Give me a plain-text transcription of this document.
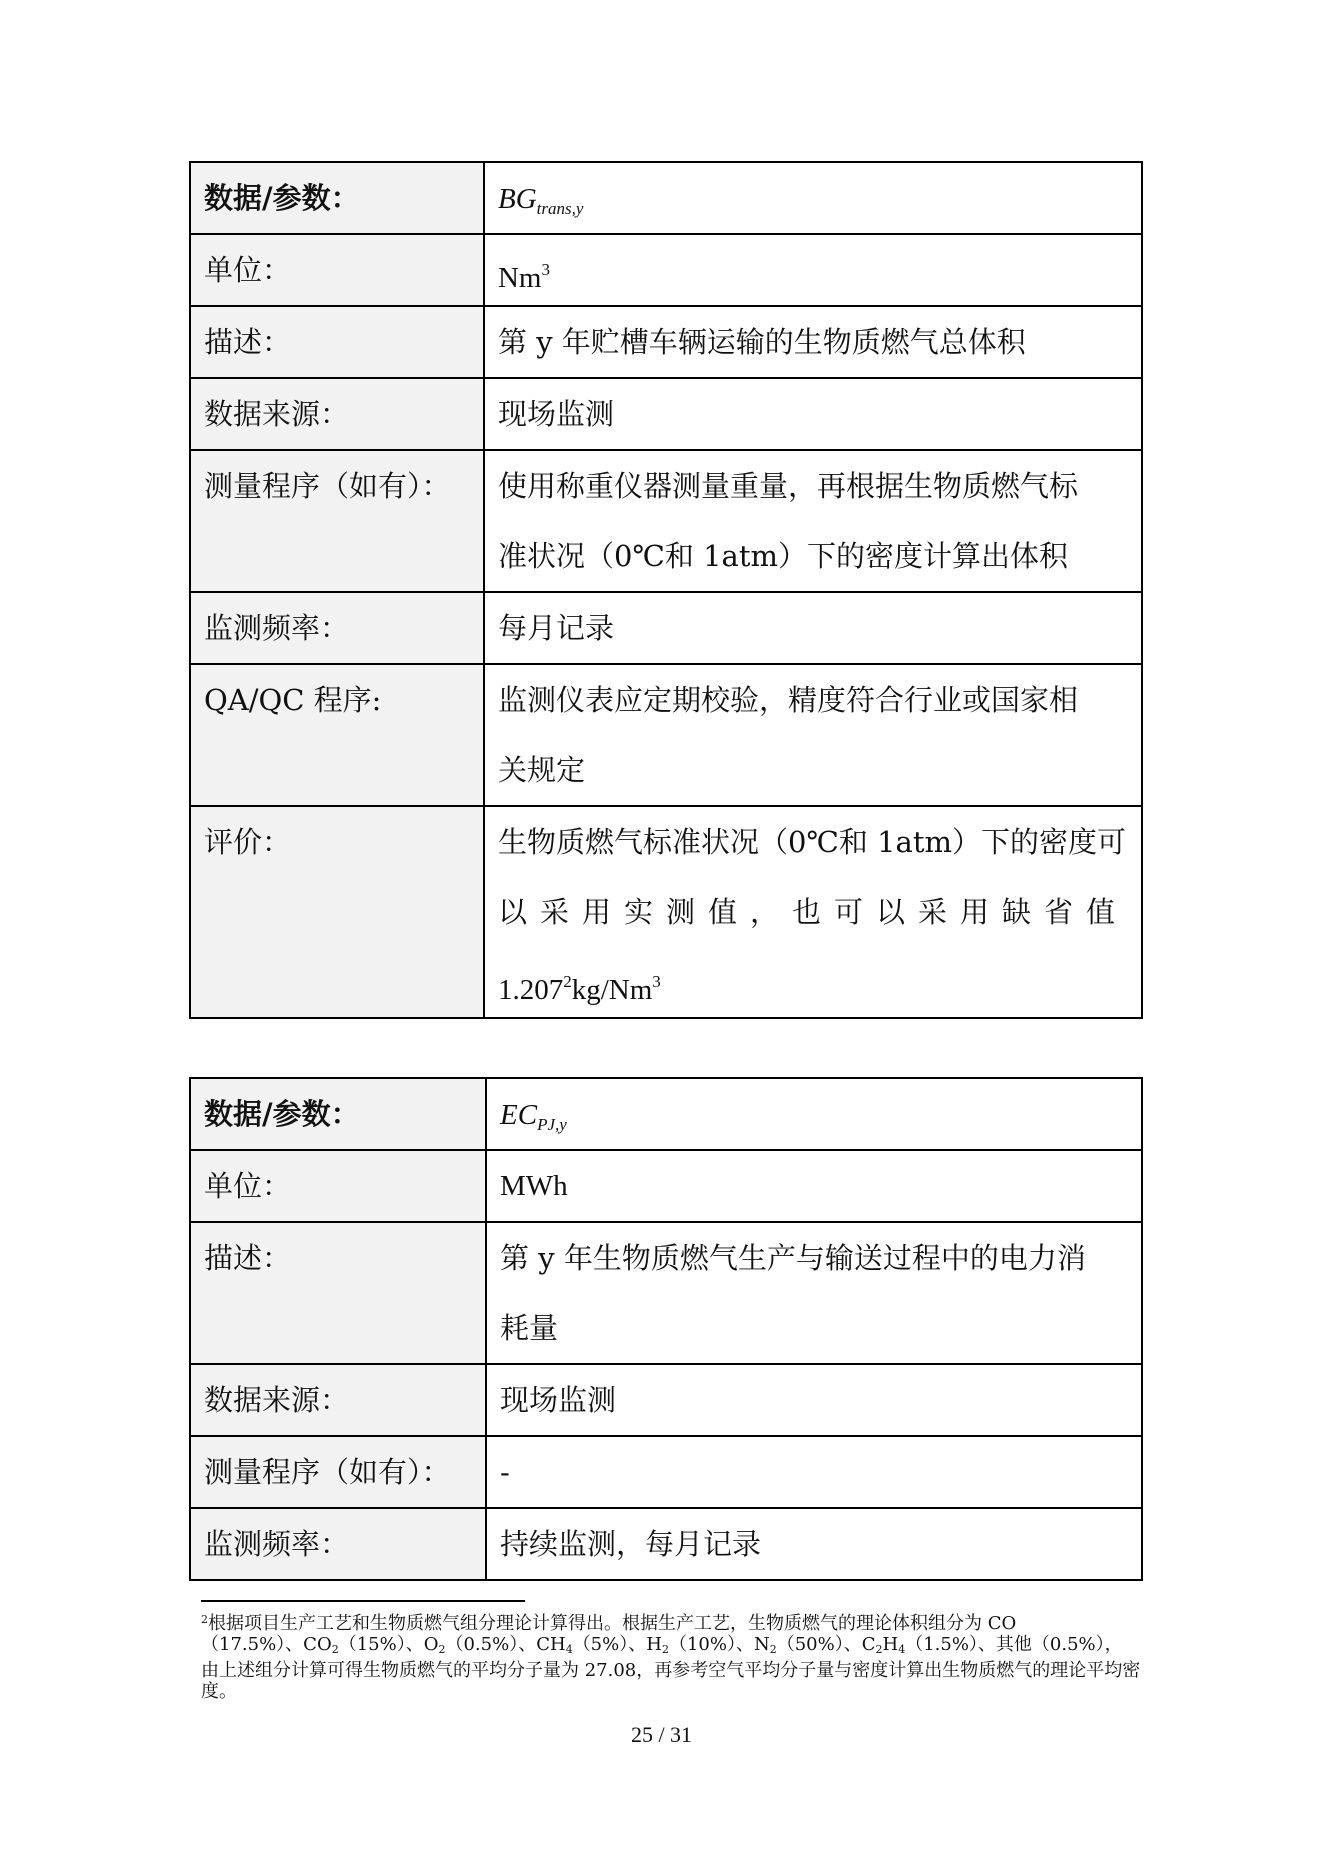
数据/参数：	$BG_{trans,y}$

单位：	Nm$^3$

描述：	第 y 年贮槽车辆运输的生物质燃气总体积

数据来源：	现场监测

测量程序（如有）：	使用称重仪器测量重量，再根据生物质燃气标
准状况（0℃和 1atm）下的密度计算出体积

监测频率：	每月记录

QA/QC 程序:	监测仪表应定期校验，精度符合行业或国家相
关规定

评价：	生物质燃气标准状况（0℃和 1atm）下的密度可
以采用实测值，也可以采用缺省值
1.207$^2$kg/Nm$^3$
数据/参数：	$EC_{PJ,y}$

单位：	MWh

描述：	第 y 年生物质燃气生产与输送过程中的电力消
耗量

数据来源：	现场监测

测量程序（如有）：	-

监测频率：	持续监测，每月记录
$^2$根据项目生产工艺和生物质燃气组分理论计算得出。根据生产工艺，生物质燃气的理论体积组分为 CO
（17.5%）、CO2（15%）、O2（0.5%）、CH4（5%）、H2（10%）、N2（50%）、C2H4（1.5%）、其他（0.5%），
由上述组分计算可得生物质燃气的平均分子量为 27.08，再参考空气平均分子量与密度计算出生物质燃气的理论平均密度。
25 / 31
